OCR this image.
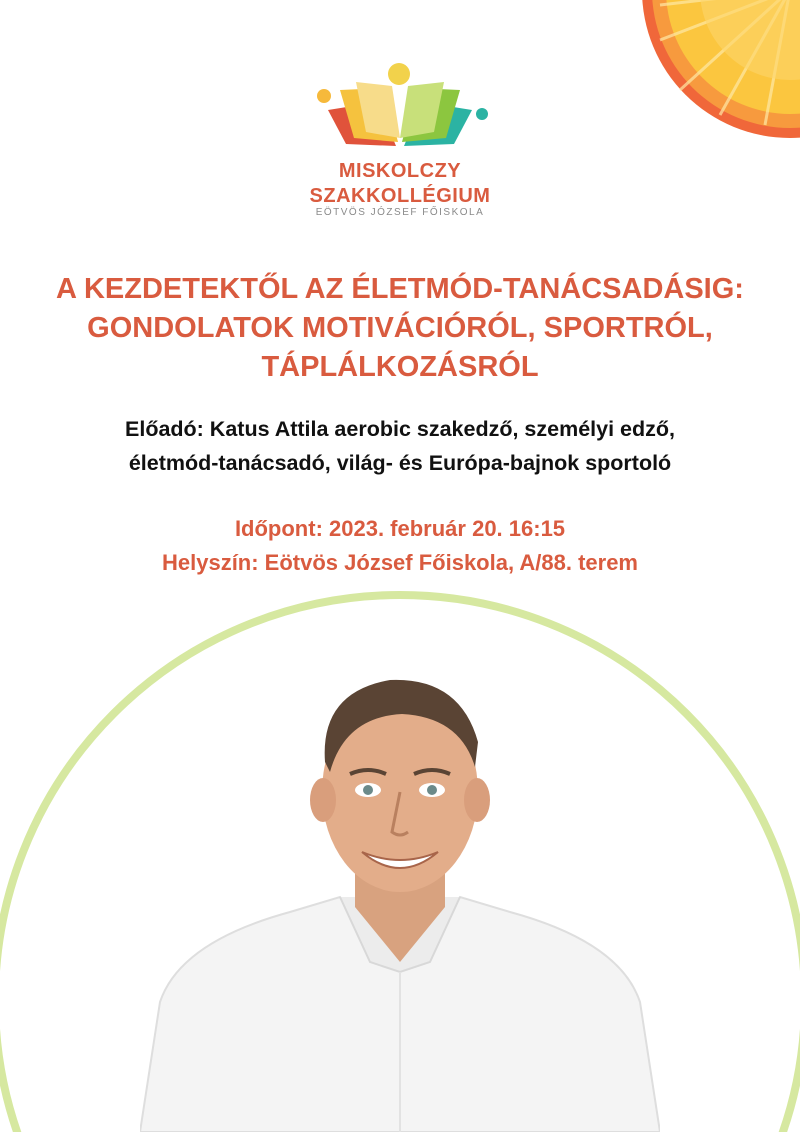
MISKOLCZY
SZAKKOLLÉGIUM
EÖTVÖS JÓZSEF FŐISKOLA
A KEZDETEKTŐL AZ ÉLETMÓD-TANÁCSADÁSIG:
GONDOLATOK MOTIVÁCIÓRÓL, SPORTRÓL,
TÁPLÁLKOZÁSRÓL
Előadó: Katus Attila aerobic szakedző, személyi edző,
életmód-tanácsadó, világ- és Európa-bajnok sportoló
Időpont: 2023. február 20. 16:15
Helyszín: Eötvös József Főiskola, A/88. terem
